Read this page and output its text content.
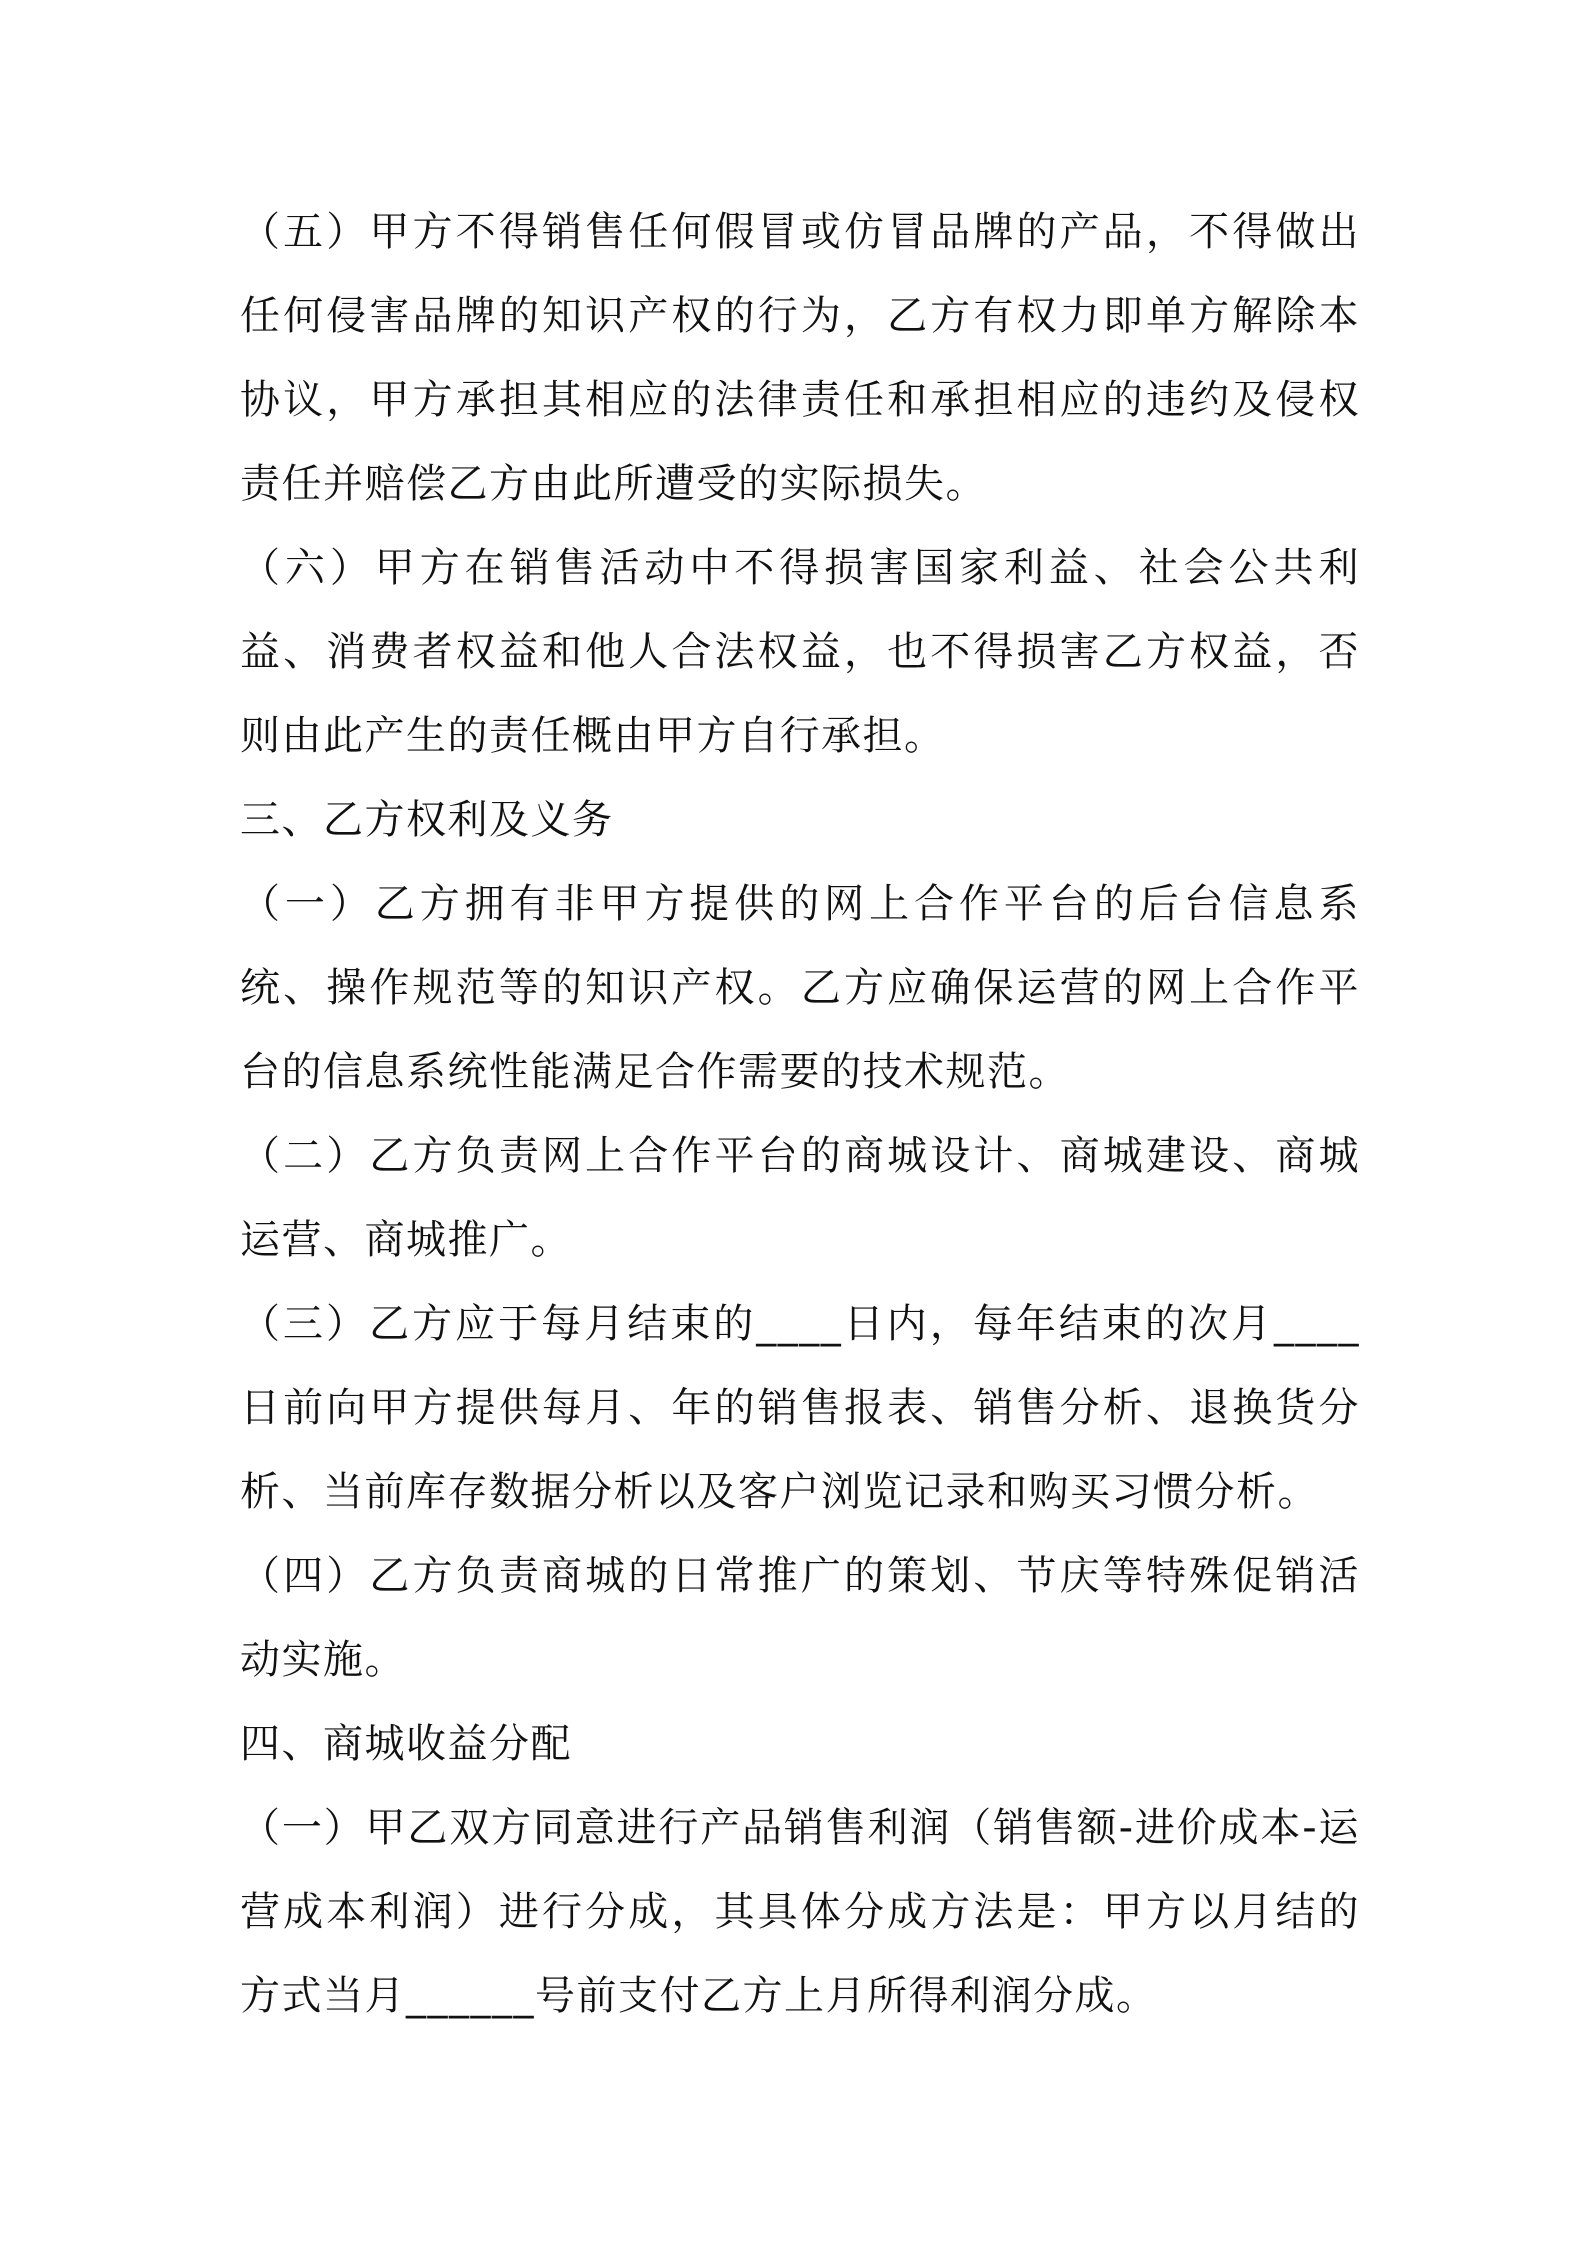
（五）甲方不得销售任何假冒或仿冒品牌的产品，不得做出任何侵害品牌的知识产权的行为，乙方有权力即单方解除本协议，甲方承担其相应的法律责任和承担相应的违约及侵权责任并赔偿乙方由此所遭受的实际损失。

（六）甲方在销售活动中不得损害国家利益、社会公共利益、消费者权益和他人合法权益，也不得损害乙方权益，否则由此产生的责任概由甲方自行承担。

三、乙方权利及义务

（一）乙方拥有非甲方提供的网上合作平台的后台信息系统、操作规范等的知识产权。乙方应确保运营的网上合作平台的信息系统性能满足合作需要的技术规范。

（二）乙方负责网上合作平台的商城设计、商城建设、商城运营、商城推广。

（三）乙方应于每月结束的____日内，每年结束的次月____日前向甲方提供每月、年的销售报表、销售分析、退换货分析、当前库存数据分析以及客户浏览记录和购买习惯分析。

（四）乙方负责商城的日常推广的策划、节庆等特殊促销活动实施。

四、商城收益分配

（一）甲乙双方同意进行产品销售利润（销售额-进价成本-运营成本利润）进行分成，其具体分成方法是：甲方以月结的方式当月______号前支付乙方上月所得利润分成。
